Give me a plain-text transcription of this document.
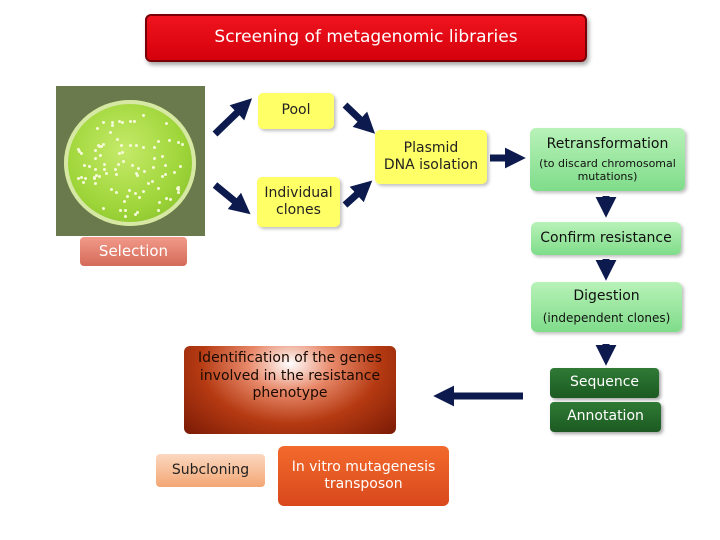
Screening of metagenomic libraries
Pool
Plasmid
DNA isolation
Individual
clones
Selection
Retransformation
(to discard chromosomal
mutations)
Confirm resistance
Digestion
(independent clones)
Sequence
Annotation
Identification of the genes
involved in the resistance
phenotype
Subcloning	In vitro mutagenesis
transposon
